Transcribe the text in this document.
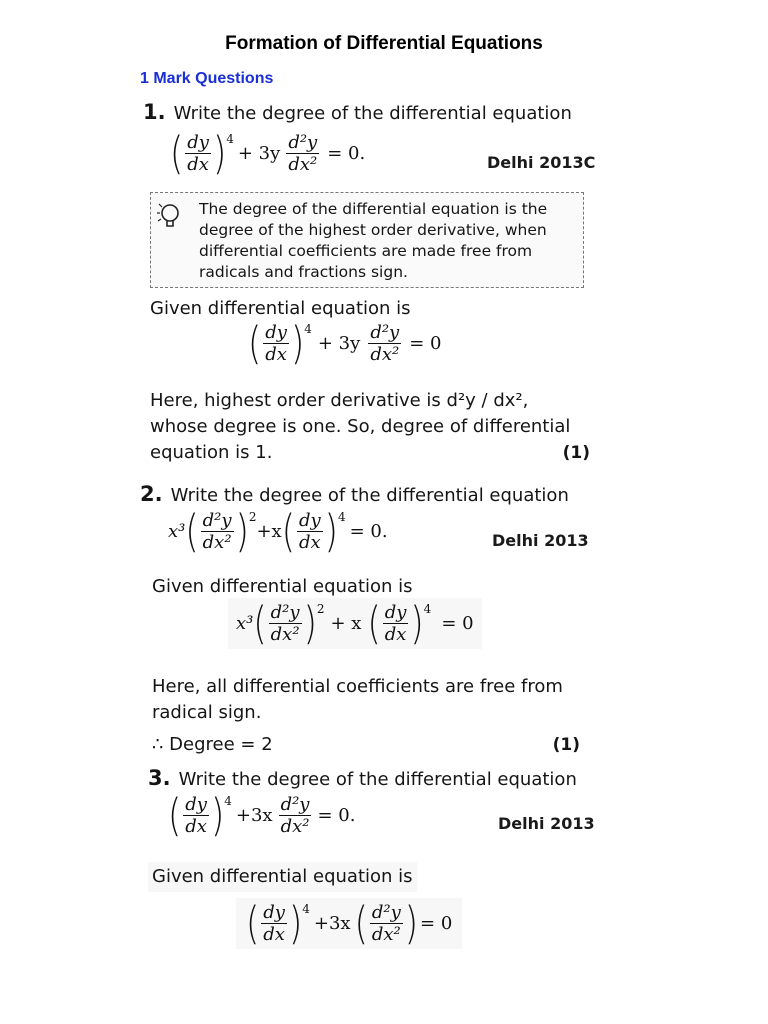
Formation of Differential Equations
1 Mark Questions
1. Write the degree of the differential equation
( $\frac{dy}{dx}$ ) 4
+ $3y \frac{\text{d²y}}{\text{dx²}} = 0$.	Delhi 2013C
The degree of the differential equation is the degree of the highest order derivative, when differential coefficients are made free from radicals and fractions sign.
Given differential equation is
( $\frac{dy}{dx}$ ) 4
+ $3y \frac{\text{d²y}}{\text{dx²}} = 0$
Here, highest order derivative is d²y / dx²,
whose degree is one. So, degree of differential
equation is 1.	(1)
2. Write the degree of the differential equation
x³ ( $\frac{\text{d²y}}{\text{dx²}}$ ) 2
+x ( $\frac{dy}{dx}$ ) 4
= 0.	Delhi 2013
Given differential equation is
x³ ( $\frac{\text{d²y}}{\text{dx²}}$ ) 2
+ x ( $\frac{dy}{dx}$ ) 4
= 0
Here, all differential coefficients are free from
radical sign.
∴ Degree = 2	(1)
3. Write the degree of the differential equation
( $\frac{dy}{dx}$ ) 4
$+3x \frac{\text{d²y}}{\text{dx²}} = 0$.	Delhi 2013
Given differential equation is
( $\frac{dy}{dx}$ ) 4
+3x ( $\frac{\text{d²y}}{\text{dx²}}$ ) = 0
